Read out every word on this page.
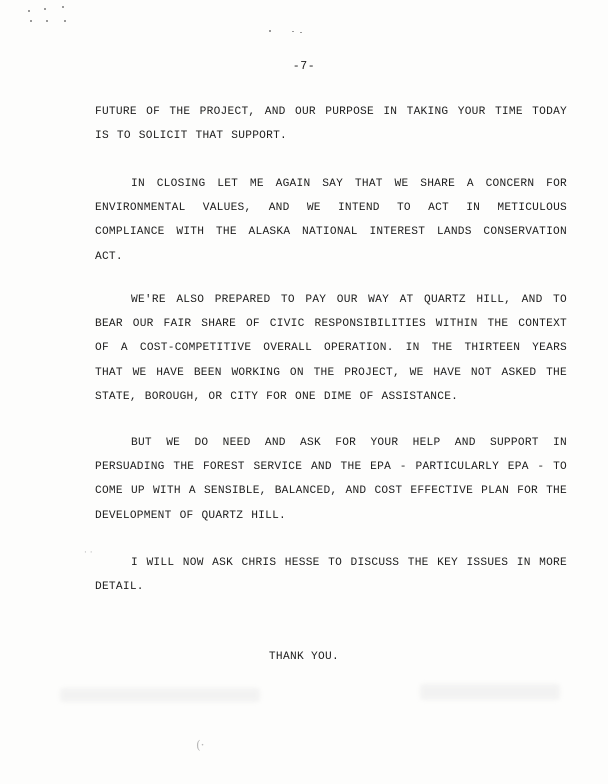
(·
· ·
-7-

FUTURE OF THE PROJECT, AND OUR PURPOSE IN TAKING YOUR TIME TODAY IS TO SOLICIT THAT SUPPORT.

IN CLOSING LET ME AGAIN SAY THAT WE SHARE A CONCERN FOR ENVIRONMENTAL VALUES, AND WE INTEND TO ACT IN METICULOUS COMPLIANCE WITH THE ALASKA NATIONAL INTEREST LANDS CONSERVATION ACT.

WE'RE ALSO PREPARED TO PAY OUR WAY AT QUARTZ HILL, AND TO BEAR OUR FAIR SHARE OF CIVIC RESPONSIBILITIES WITHIN THE CONTEXT OF A COST-COMPETITIVE OVERALL OPERATION. IN THE THIRTEEN YEARS THAT WE HAVE BEEN WORKING ON THE PROJECT, WE HAVE NOT ASKED THE STATE, BOROUGH, OR CITY FOR ONE DIME OF ASSISTANCE.

BUT WE DO NEED AND ASK FOR YOUR HELP AND SUPPORT IN PERSUADING THE FOREST SERVICE AND THE EPA - PARTICULARLY EPA - TO COME UP WITH A SENSIBLE, BALANCED, AND COST EFFECTIVE PLAN FOR THE DEVELOPMENT OF QUARTZ HILL.

I WILL NOW ASK CHRIS HESSE TO DISCUSS THE KEY ISSUES IN MORE DETAIL.

THANK YOU.
